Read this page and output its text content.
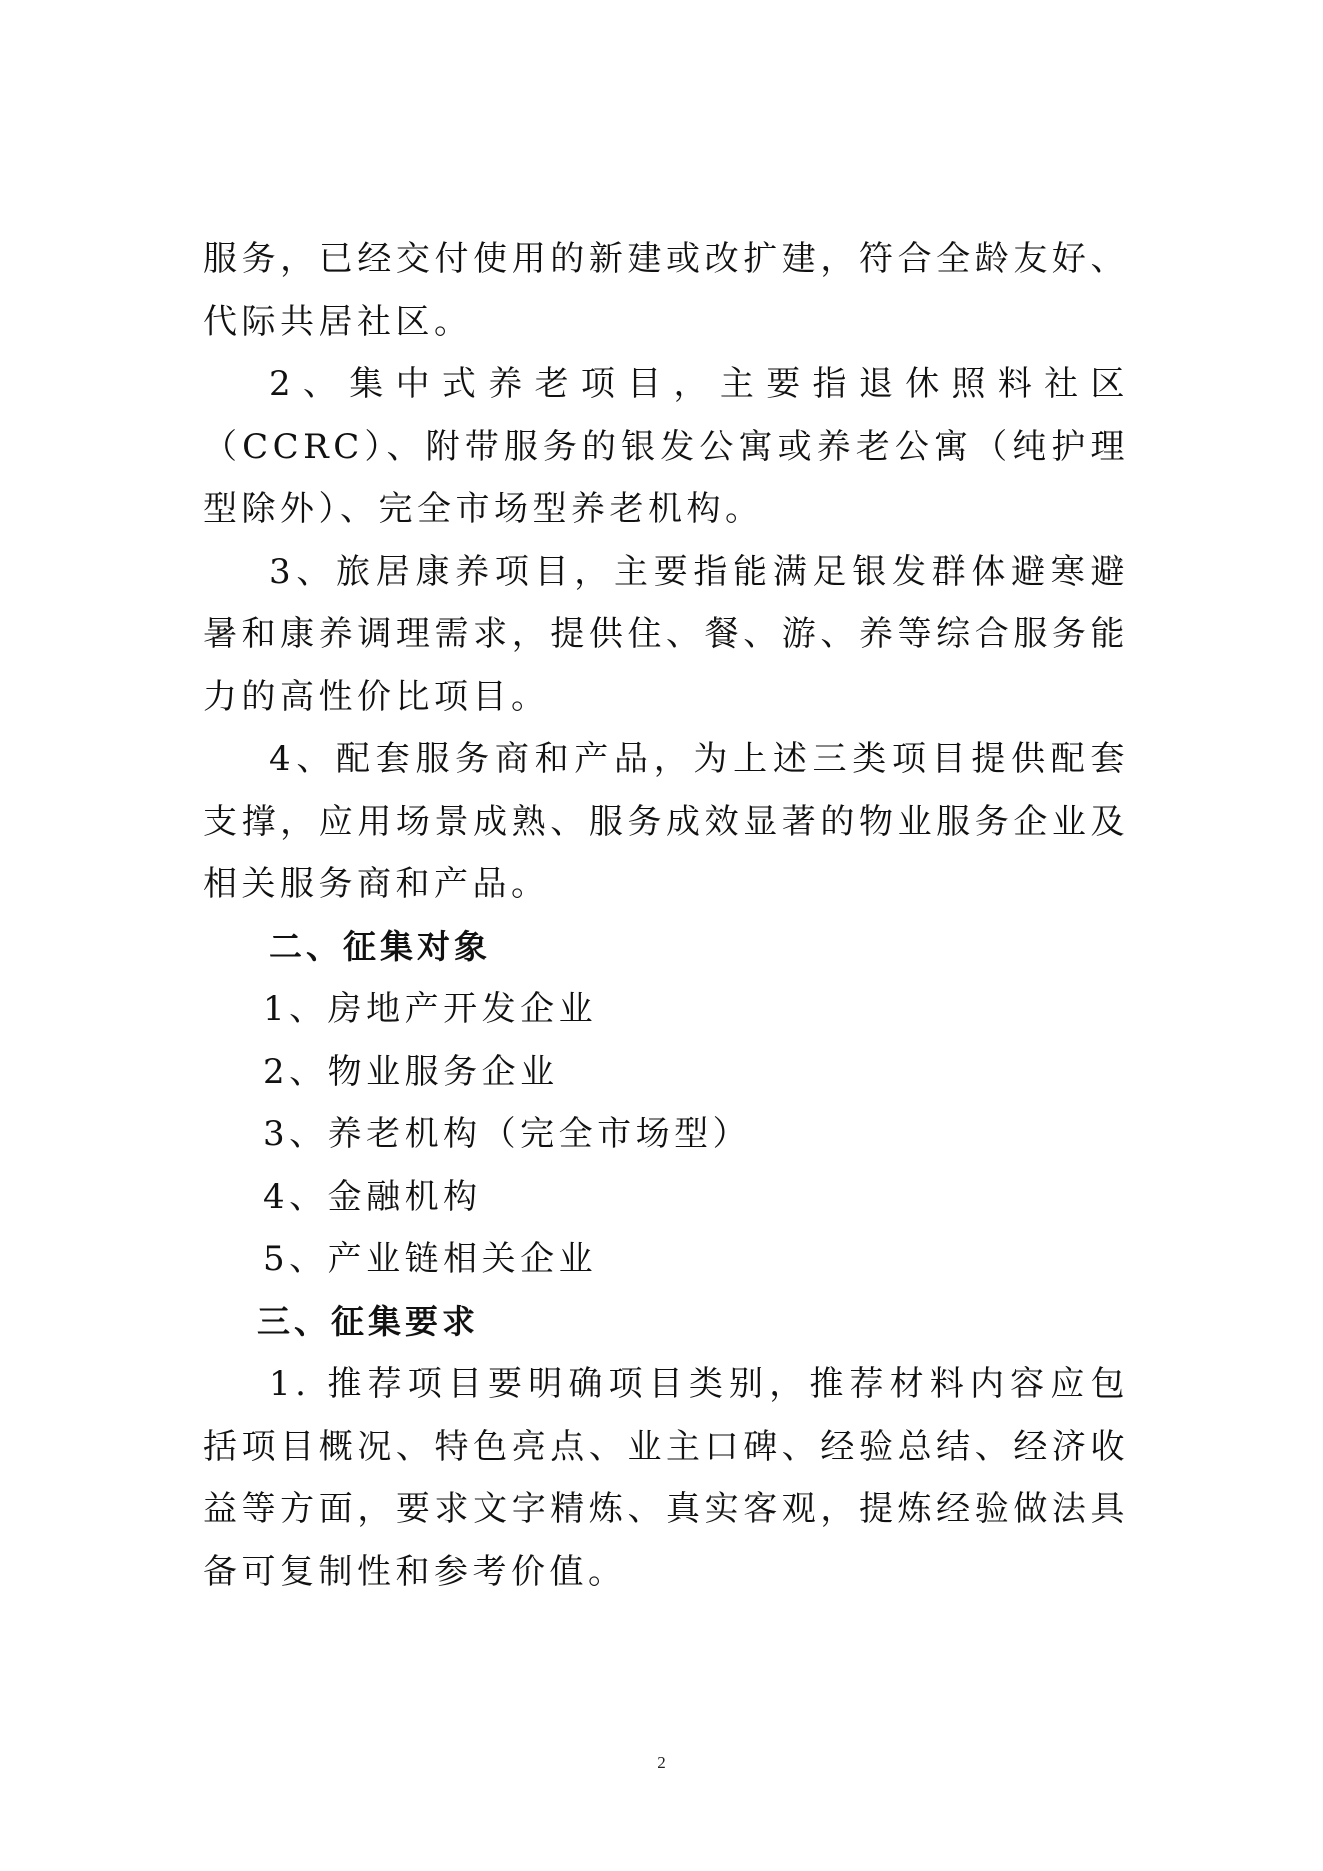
服务，已经交付使用的新建或改扩建，符合全龄友好、代际共居社区。

2、集中式养老项目，主要指退休照料社区（CCRC）、附带服务的银发公寓或养老公寓（纯护理型除外）、完全市场型养老机构。

3、旅居康养项目，主要指能满足银发群体避寒避暑和康养调理需求，提供住、餐、游、养等综合服务能力的高性价比项目。

4、配套服务商和产品，为上述三类项目提供配套支撑，应用场景成熟、服务成效显著的物业服务企业及相关服务商和产品。

二、征集对象

1、房地产开发企业

2、物业服务企业

3、养老机构（完全市场型）

4、金融机构

5、产业链相关企业

三、征集要求

1. 推荐项目要明确项目类别，推荐材料内容应包括项目概况、特色亮点、业主口碑、经验总结、经济收益等方面，要求文字精炼、真实客观，提炼经验做法具备可复制性和参考价值。

2
